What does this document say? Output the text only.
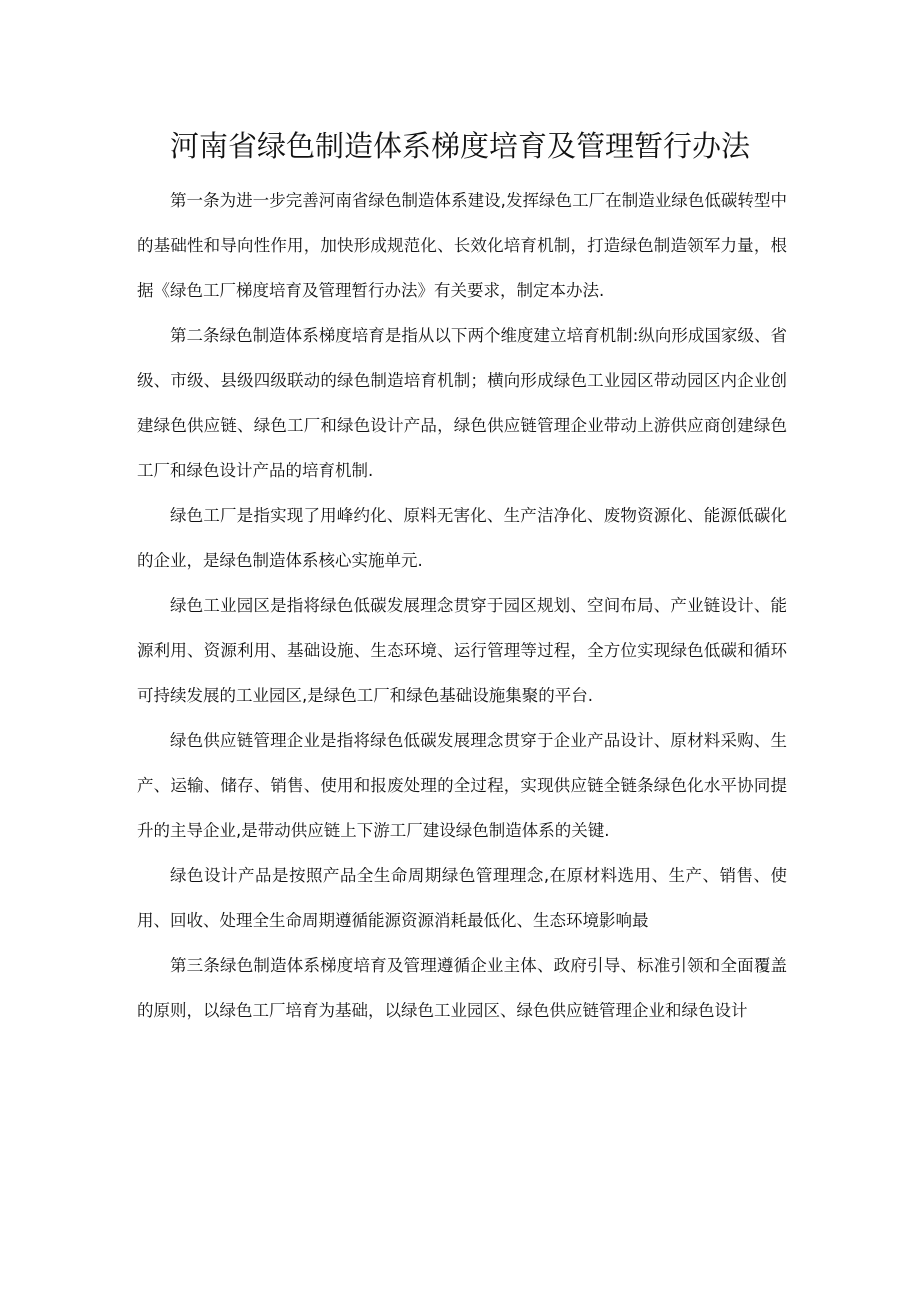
河南省绿色制造体系梯度培育及管理暂行办法

第一条为进一步完善河南省绿色制造体系建设,发挥绿色工厂在制造业绿色低碳转型中的基础性和导向性作用，加快形成规范化、长效化培育机制，打造绿色制造领军力量，根据《绿色工厂梯度培育及管理暂行办法》有关要求，制定本办法.

第二条绿色制造体系梯度培育是指从以下两个维度建立培育机制:纵向形成国家级、省级、市级、县级四级联动的绿色制造培育机制；横向形成绿色工业园区带动园区内企业创建绿色供应链、绿色工厂和绿色设计产品，绿色供应链管理企业带动上游供应商创建绿色工厂和绿色设计产品的培育机制.

绿色工厂是指实现了用峰约化、原料无害化、生产洁净化、废物资源化、能源低碳化的企业，是绿色制造体系核心实施单元.

绿色工业园区是指将绿色低碳发展理念贯穿于园区规划、空间布局、产业链设计、能源利用、资源利用、基础设施、生态环境、运行管理等过程，全方位实现绿色低碳和循环可持续发展的工业园区,是绿色工厂和绿色基础设施集聚的平台.

绿色供应链管理企业是指将绿色低碳发展理念贯穿于企业产品设计、原材料采购、生产、运输、储存、销售、使用和报废处理的全过程，实现供应链全链条绿色化水平协同提升的主导企业,是带动供应链上下游工厂建设绿色制造体系的关键.

绿色设计产品是按照产品全生命周期绿色管理理念,在原材料选用、生产、销售、使用、回收、处理全生命周期遵循能源资源消耗最低化、生态环境影响最

第三条绿色制造体系梯度培育及管理遵循企业主体、政府引导、标准引领和全面覆盖的原则，以绿色工厂培育为基础，以绿色工业园区、绿色供应链管理企业和绿色设计
